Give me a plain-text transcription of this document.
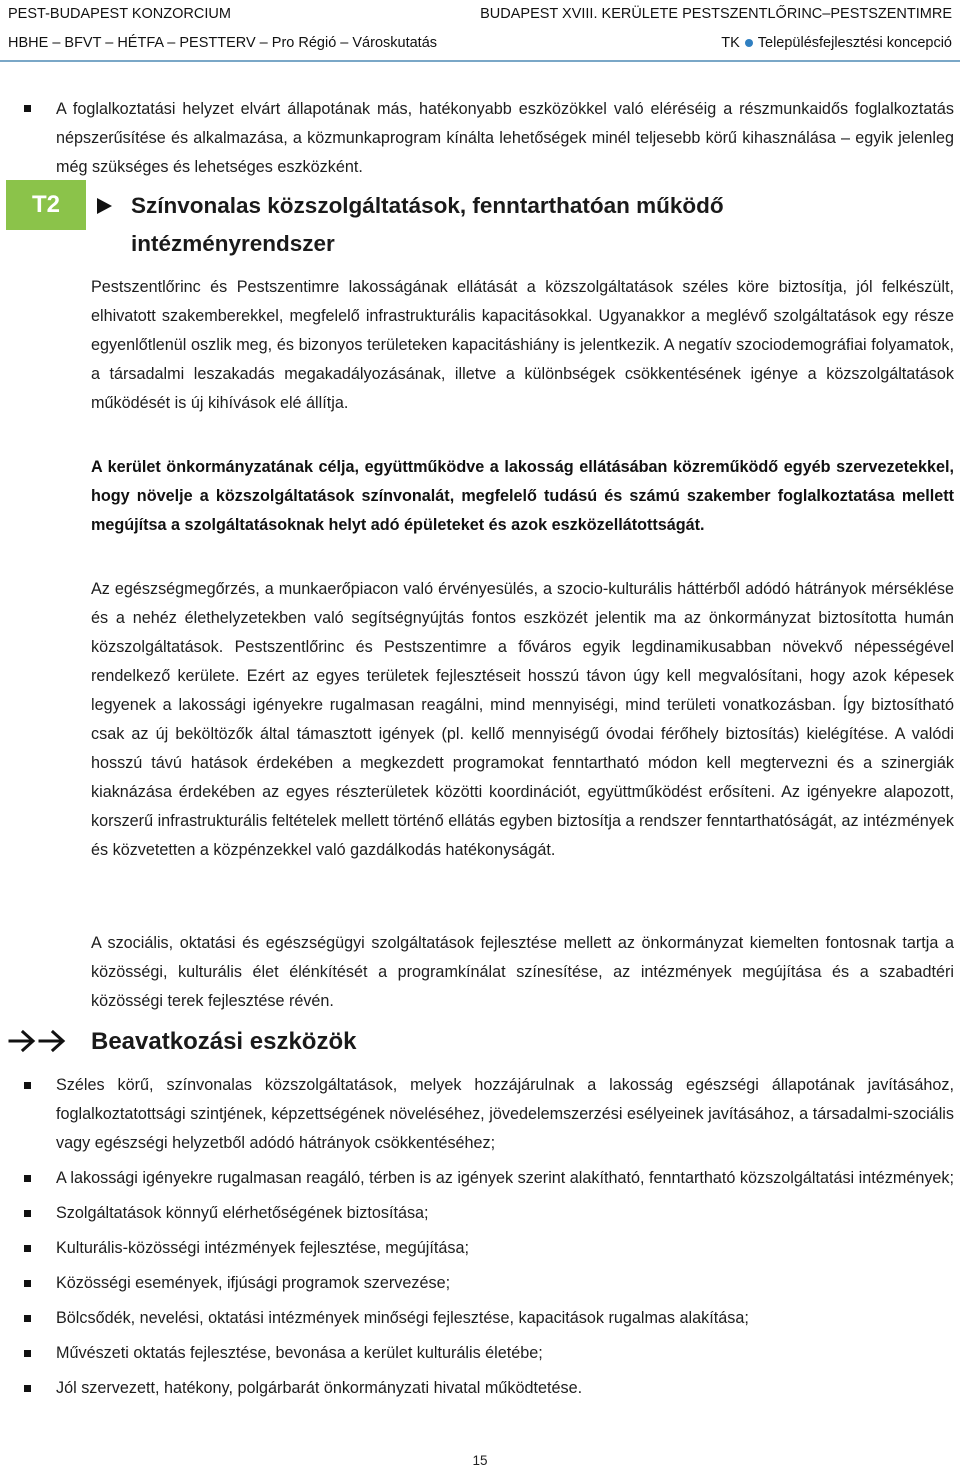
PEST-BUDAPEST KONZORCIUM
HBHE – BFVT – HÉTFA – PESTTERV – Pro Régió – Városkutatás
BUDAPEST XVIII. KERÜLETE PESTSZENTLŐRINC–PESTSZENTIMRE
TK Településfejlesztési koncepció
A foglalkoztatási helyzet elvárt állapotának más, hatékonyabb eszközökkel való eléréséig a részmunkaidős foglalkoztatás népszerűsítése és alkalmazása, a közmunkaprogram kínálta lehetőségek minél teljesebb körű kihasználása – egyik jelenleg még szükséges és lehetséges eszközként.
T2	Színvonalas közszolgáltatások, fenntarthatóan működő intézményrendszer
Pestszentlőrinc és Pestszentimre lakosságának ellátását a közszolgáltatások széles köre biztosítja, jól felkészült, elhivatott szakemberekkel, megfelelő infrastrukturális kapacitásokkal. Ugyanakkor a meglévő szolgáltatások egy része egyenlőtlenül oszlik meg, és bizonyos területeken kapacitáshiány is jelentkezik. A negatív szociodemográfiai folyamatok, a társadalmi leszakadás megakadályozásának, illetve a különbségek csökkentésének igénye a közszolgáltatások működését is új kihívások elé állítja.
A kerület önkormányzatának célja, együttműködve a lakosság ellátásában közreműködő egyéb szervezetekkel, hogy növelje a közszolgáltatások színvonalát, megfelelő tudású és számú szakember foglalkoztatása mellett megújítsa a szolgáltatásoknak helyt adó épületeket és azok eszközellátottságát.
Az egészségmegőrzés, a munkaerőpiacon való érvényesülés, a szocio-kulturális háttérből adódó hátrányok mérséklése és a nehéz élethelyzetekben való segítségnyújtás fontos eszközét jelentik ma az önkormányzat biztosította humán közszolgáltatások. Pestszentlőrinc és Pestszentimre a főváros egyik legdinamikusabban növekvő népességével rendelkező kerülete. Ezért az egyes területek fejlesztéseit hosszú távon úgy kell megvalósítani, hogy azok képesek legyenek a lakossági igényekre rugalmasan reagálni, mind mennyiségi, mind területi vonatkozásban. Így biztosítható csak az új beköltözők által támasztott igények (pl. kellő mennyiségű óvodai férőhely biztosítás) kielégítése. A valódi hosszú távú hatások érdekében a megkezdett programokat fenntartható módon kell megtervezni és a szinergiák kiaknázása érdekében az egyes részterületek közötti koordinációt, együttműködést erősíteni. Az igényekre alapozott, korszerű infrastrukturális feltételek mellett történő ellátás egyben biztosítja a rendszer fenntarthatóságát, az intézmények és közvetetten a közpénzekkel való gazdálkodás hatékonyságát.
A szociális, oktatási és egészségügyi szolgáltatások fejlesztése mellett az önkormányzat kiemelten fontosnak tartja a közösségi, kulturális élet élénkítését a programkínálat színesítése, az intézmények megújítása és a szabadtéri közösségi terek fejlesztése révén.
Beavatkozási eszközök
Széles körű, színvonalas közszolgáltatások, melyek hozzájárulnak a lakosság egészségi állapotának javításához, foglalkoztatottsági szintjének, képzettségének növeléséhez, jövedelemszerzési esélyeinek javításához, a társadalmi-szociális vagy egészségi helyzetből adódó hátrányok csökkentéséhez;
A lakossági igényekre rugalmasan reagáló, térben is az igények szerint alakítható, fenntartható közszolgáltatási intézmények;
Szolgáltatások könnyű elérhetőségének biztosítása;
Kulturális-közösségi intézmények fejlesztése, megújítása;
Közösségi események, ifjúsági programok szervezése;
Bölcsődék, nevelési, oktatási intézmények minőségi fejlesztése, kapacitások rugalmas alakítása;
Művészeti oktatás fejlesztése, bevonása a kerület kulturális életébe;
Jól szervezett, hatékony, polgárbarát önkormányzati hivatal működtetése.
15
